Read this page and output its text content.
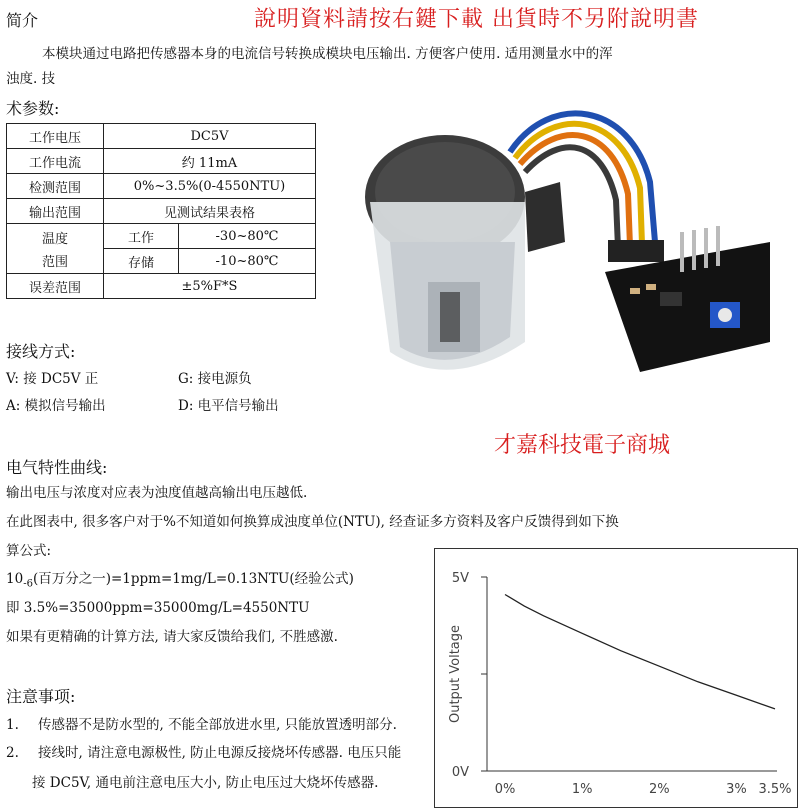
简介	說明資料請按右鍵下載 出貨時不另附說明書
本模块通过电路把传感器本身的电流信号转换成模块电压输出. 方便客户使用. 适用测量水中的浑
浊度. 技
术参数:
工作电压	DC5V	
工作电流	约 11mA	
检测范围	0%~3.5%(0-4550NTU)	
输出范围	见测试结果表格	

温度
范围	工作	-30~80℃
	存储	-10~80℃
误差范围	±5%F*S	
接线方式:
V: 接 DC5V 正	G: 接电源负
A: 模拟信号输出	D: 电平信号输出
才嘉科技電子商城
电气特性曲线:
输出电压与浓度对应表为浊度值越高输出电压越低.
在此图表中, 很多客户对于%不知道如何换算成浊度单位(NTU), 经查证多方资料及客户反馈得到如下换
算公式:
$10_{-6}$(百万分之一)=1ppm=1mg/L=0.13NTU(经验公式)
即 3.5%=35000ppm=35000mg/L=4550NTU
如果有更精确的计算方法, 请大家反馈给我们, 不胜感激.
注意事项:
1. 传感器不是防水型的, 不能全部放进水里, 只能放置透明部分.
2. 接线时, 请注意电源极性, 防止电源反接烧坏传感器. 电压只能
接 DC5V, 通电前注意电压大小, 防止电压过大烧坏传感器.
5V
0V
Output Voltage
0%	1%	2%	3% 3.5%
